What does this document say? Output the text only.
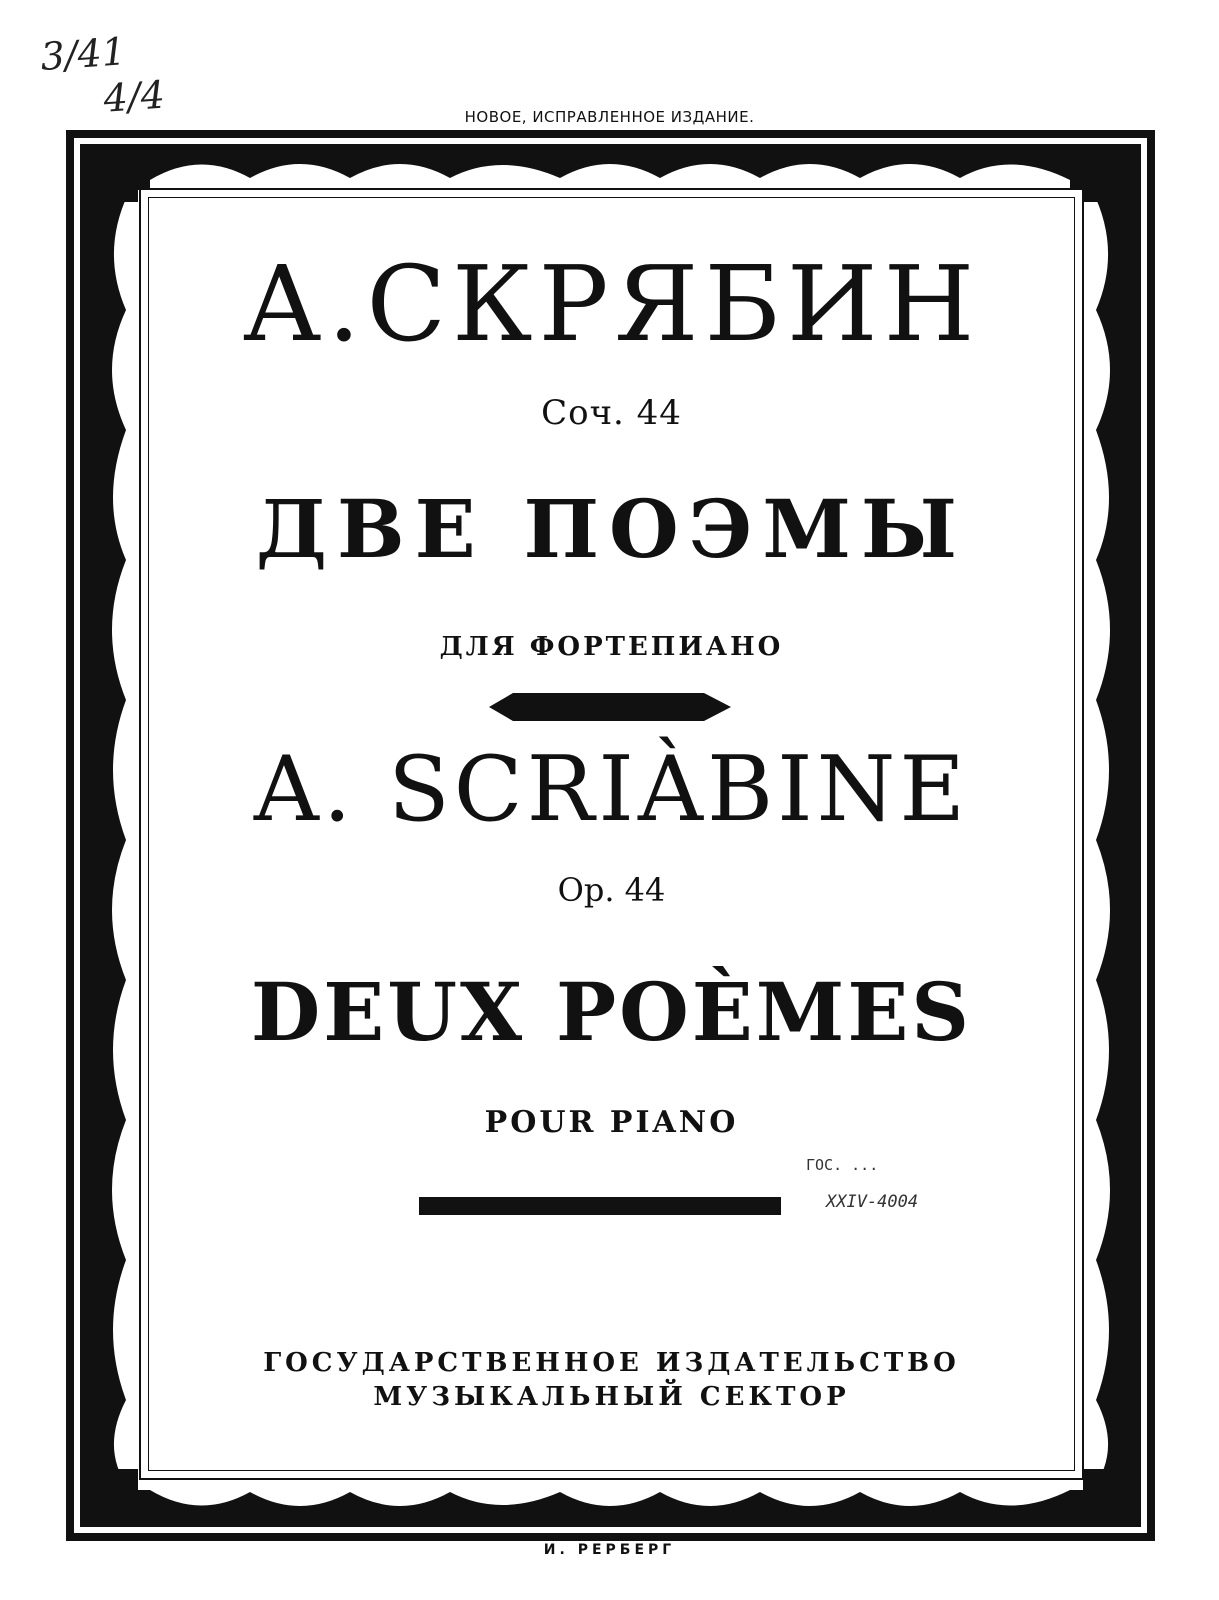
НОВОЕ, ИСПРАВЛЕННОЕ ИЗДАНИЕ.
А.СКРЯБИН
Соч. 44
ДВЕ ПОЭМЫ
ДЛЯ ФОРТЕПИАНО
A. SCRIÀBINE
Op. 44
DEUX POÈMES
POUR PIANO
ГОСУДАРСТВЕННОЕ ИЗДАТЕЛЬСТВО
МУЗЫКАЛЬНЫЙ СЕКТОР
И. РЕРБЕРГ
3/41
4/4
ГОС. ...
XXIV-4004
